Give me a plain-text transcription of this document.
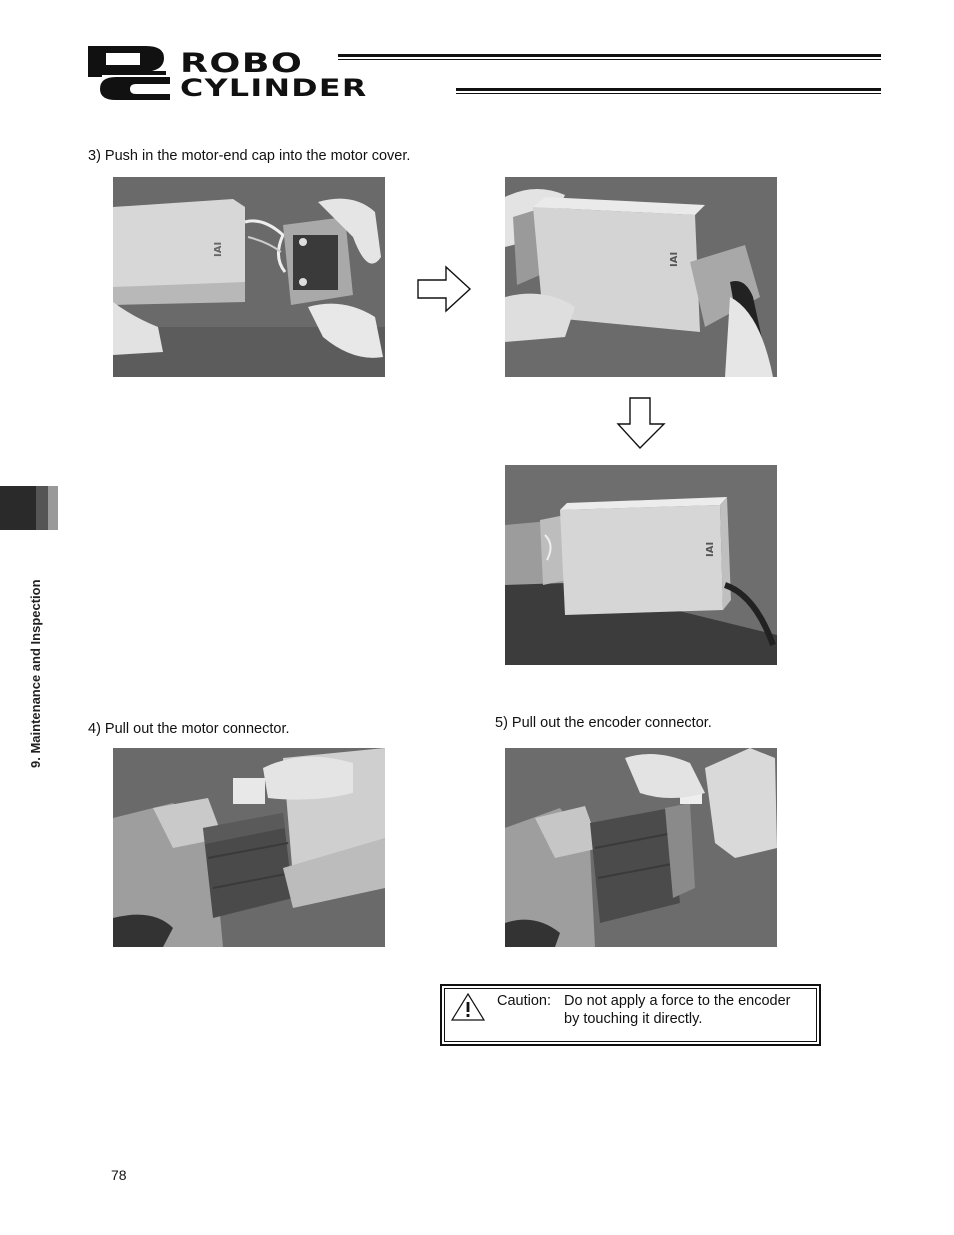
ROBO
CYLINDER
9. Maintenance and Inspection
3) Push in the motor-end cap into the motor cover.
IAI
IAI
IAI
4) Pull out the motor connector.	5) Pull out the encoder connector.
Caution: Do not apply a force to the encoder
by touching it directly.
78
